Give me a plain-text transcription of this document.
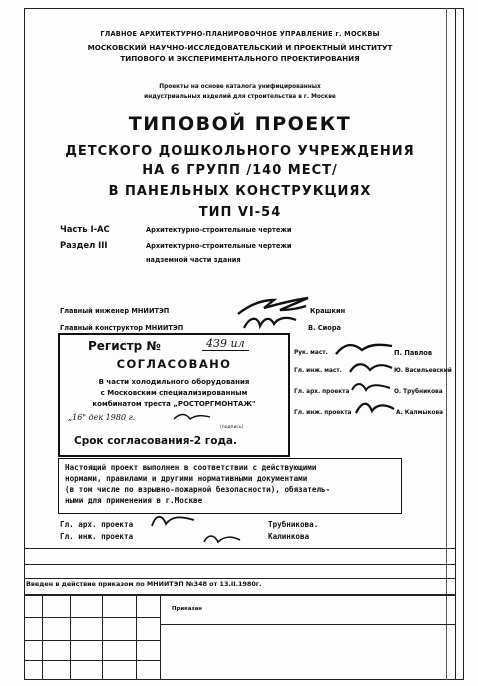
ГЛАВНОЕ АРХИТЕКТУРНО-ПЛАНИРОВОЧНОЕ УПРАВЛЕНИЕ г. МОСКВЫ
МОСКОВСКИЙ НАУЧНО-ИССЛЕДОВАТЕЛЬСКИЙ И ПРОЕКТНЫЙ ИНСТИТУТ
ТИПОВОГО И ЭКСПЕРИМЕНТАЛЬНОГО ПРОЕКТИРОВАНИЯ
Проекты на основе каталога унифицированных
индустриальных изделий для строительства в г. Москве
ТИПОВОЙ ПРОЕКТ
ДЕТСКОГО ДОШКОЛЬНОГО УЧРЕЖДЕНИЯ
НА 6 ГРУПП /140 МЕСТ/
В ПАНЕЛЬНЫХ КОНСТРУКЦИЯХ
ТИП VI-54
Часть I-АС	Архитектурно-строительные чертежи
Раздел III	Архитектурно-строительные чертежи
надземной части здания
Главный инженер МНИИТЭП	Крашкин
Главный конструктор МНИИТЭП	В. Сиора
Рук. маст.	П. Павлов
Гл. инж. маст.	Ю. Васильевский
Гл. арх. проекта	О. Трубникова
Гл. инж. проекта	А. Калмыкова
Регистр №	439 ил
СОГЛАСОВАНО
В части холодильного оборудования
с Московским специализированным
комбинатом треста „РОСТОРГМОНТАЖ"
„16" дек 1980 г.
(подпись)
Срок согласования-2 года.
Настоящий проект выполнен в соответствии с действующими
нормами, правилами и другими нормативными документами
(в том числе по взрывно-пожарной безопасности), обязатель-
ными для применения в г.Москве
Гл. арх. проекта	Трубникова.
Гл. инж. проекта	Калинкова
Введен в действие приказом по МНИИТЭП №348 от 13.II.1980г.
Приказан
